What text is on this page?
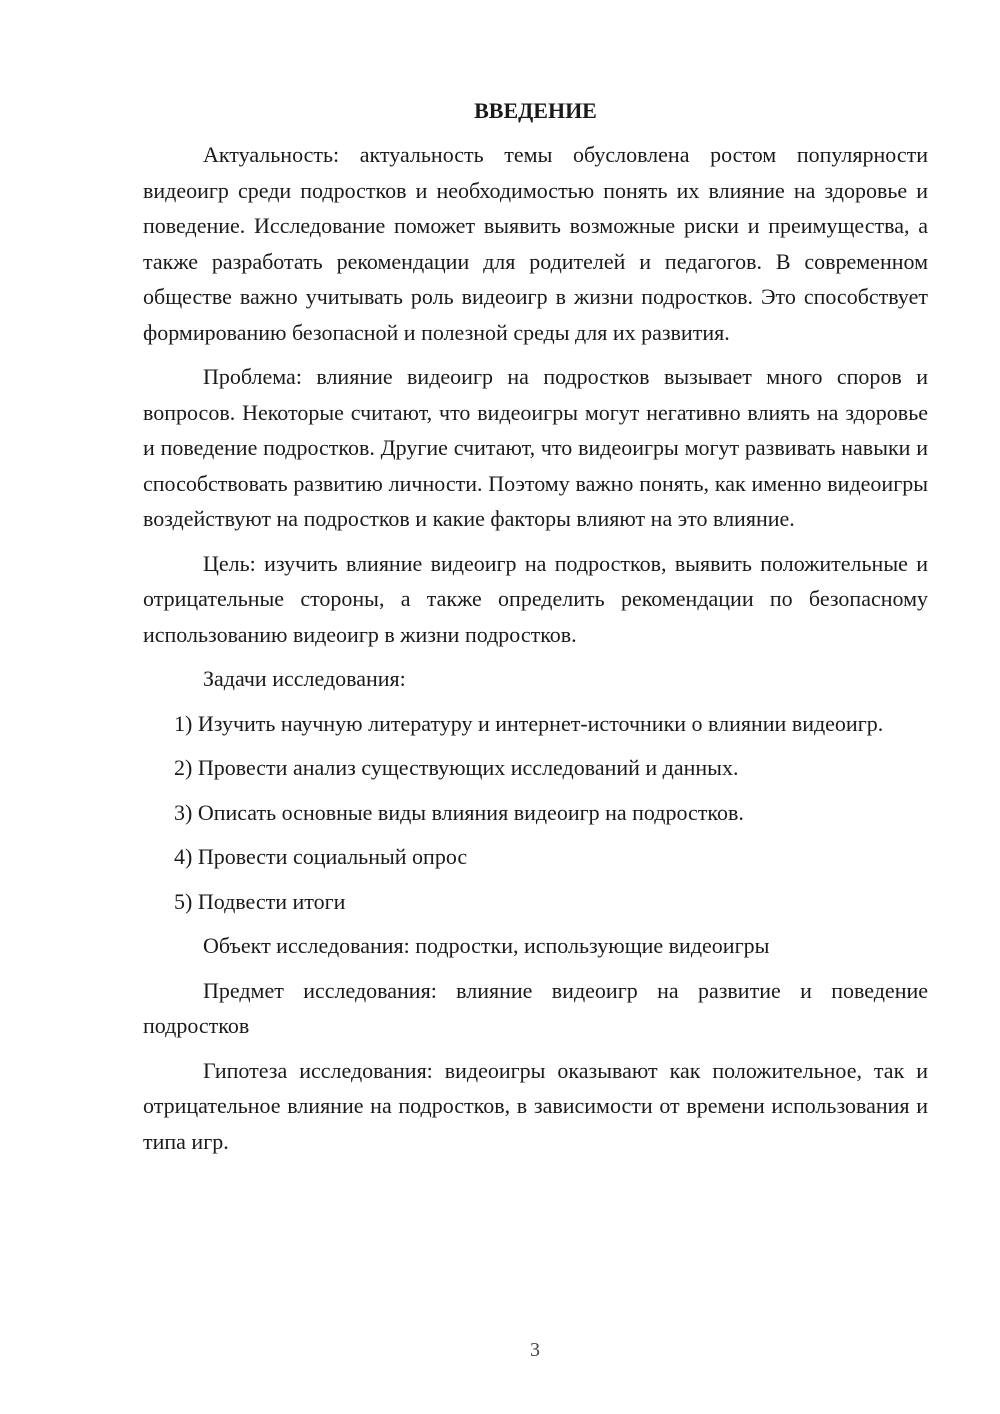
ВВЕДЕНИЕ

Актуальность: актуальность темы обусловлена ростом популярности видеоигр среди подростков и необходимостью понять их влияние на здоровье и поведение. Исследование поможет выявить возможные риски и преимущества, а также разработать рекомендации для родителей и педагогов. В современном обществе важно учитывать роль видеоигр в жизни подростков. Это способствует формированию безопасной и полезной среды для их развития.

Проблема: влияние видеоигр на подростков вызывает много споров и вопросов. Некоторые считают, что видеоигры могут негативно влиять на здоровье и поведение подростков. Другие считают, что видеоигры могут развивать навыки и способствовать развитию личности. Поэтому важно понять, как именно видеоигры воздействуют на подростков и какие факторы влияют на это влияние.

Цель: изучить влияние видеоигр на подростков, выявить положительные и отрицательные стороны, а также определить рекомендации по безопасному использованию видеоигр в жизни подростков.

Задачи исследования:

1) Изучить научную литературу и интернет-источники о влиянии видеоигр.

2) Провести анализ существующих исследований и данных.

3) Описать основные виды влияния видеоигр на подростков.

4) Провести социальный опрос

5) Подвести итоги

Объект исследования: подростки, использующие видеоигры

Предмет исследования: влияние видеоигр на развитие и поведение подростков

Гипотеза исследования: видеоигры оказывают как положительное, так и отрицательное влияние на подростков, в зависимости от времени использования и типа игр.

3
